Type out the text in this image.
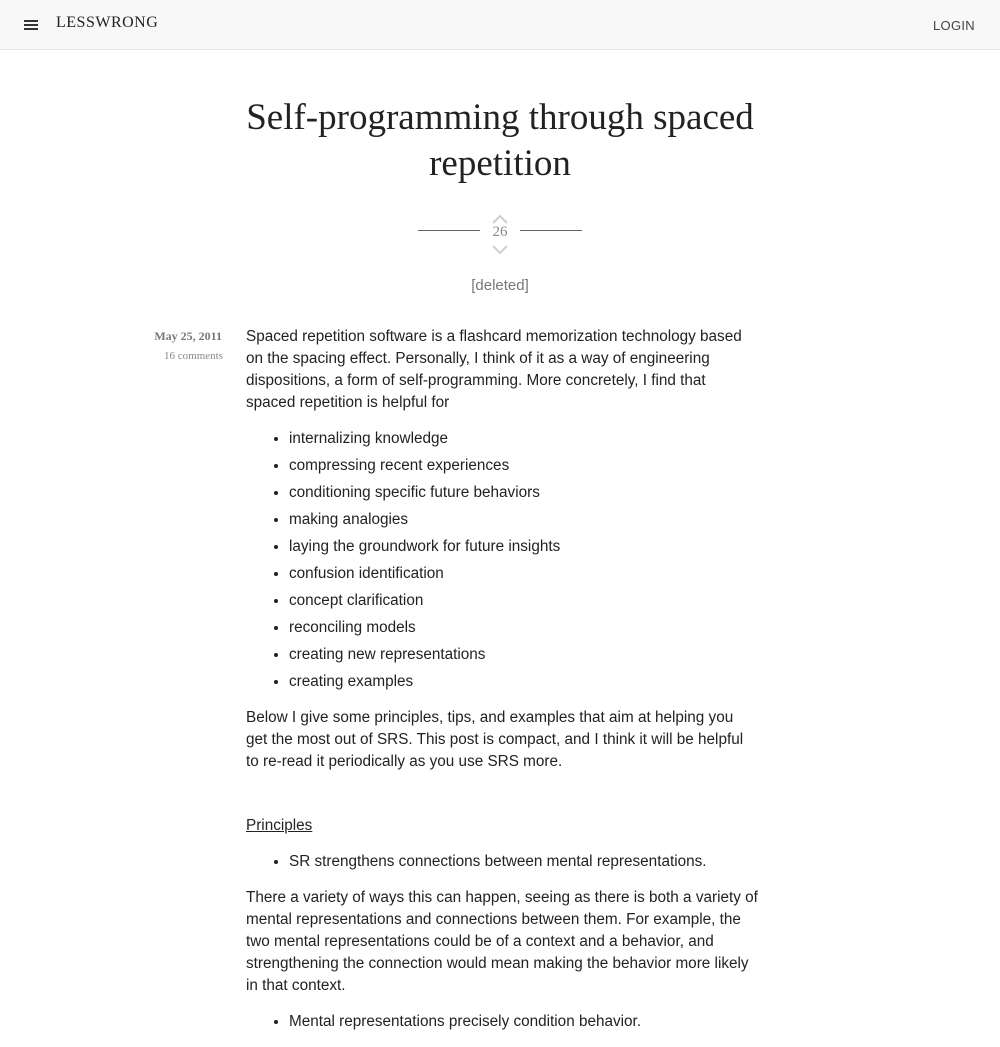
LESSWRONG	LOGIN
Self-programming through spaced repetition
26
[deleted]
May 25, 2011
16 comments

Spaced repetition software is a flashcard memorization technology based on the spacing effect. Personally, I think of it as a way of engineering dispositions, a form of self-programming. More concretely, I find that spaced repetition is helpful for

• internalizing knowledge
• compressing recent experiences
• conditioning specific future behaviors
• making analogies
• laying the groundwork for future insights
• confusion identification
• concept clarification
• reconciling models
• creating new representations
• creating examples

Below I give some principles, tips, and examples that aim at helping you get the most out of SRS. This post is compact, and I think it will be helpful to re-read it periodically as you use SRS more.

Principles
• SR strengthens connections between mental representations.

There a variety of ways this can happen, seeing as there is both a variety of mental representations and connections between them. For example, the two mental representations could be of a context and a behavior, and strengthening the connection would mean making the behavior more likely in that context.

• Mental representations precisely condition behavior.
